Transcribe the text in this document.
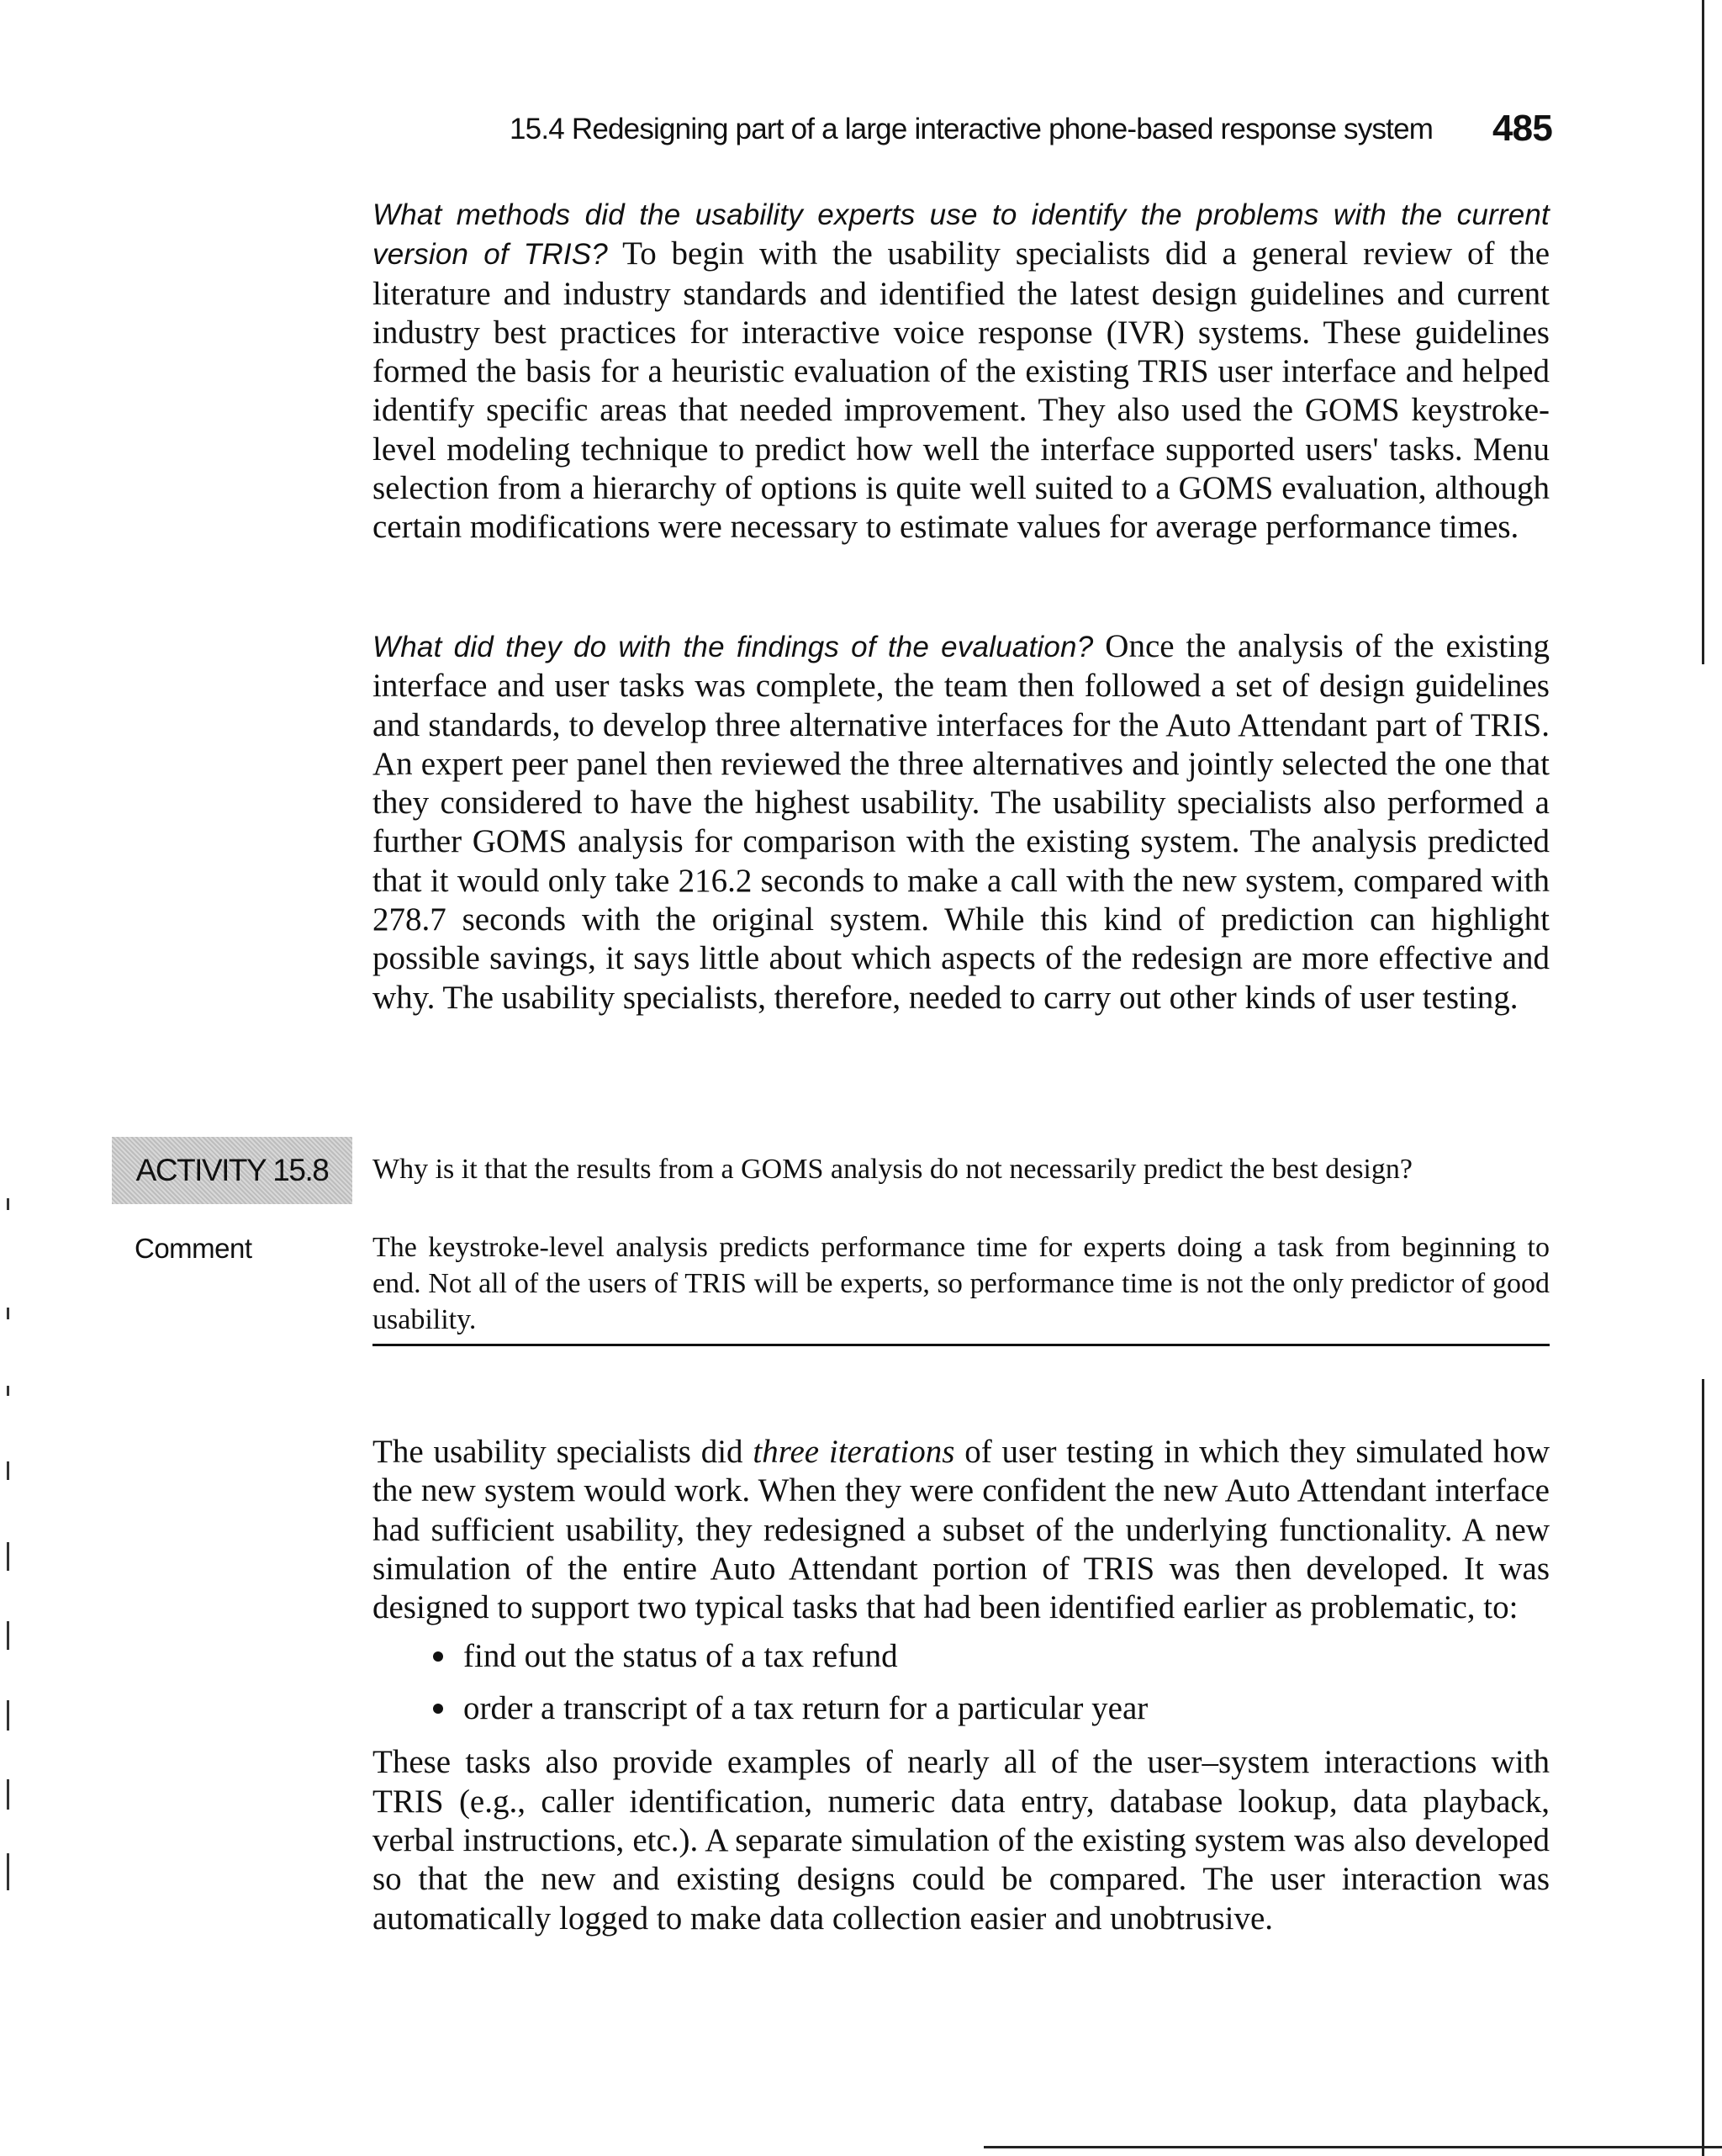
15.4 Redesigning part of a large interactive phone-based response system 485

What methods did the usability experts use to identify the problems with the current version of TRIS? To begin with the usability specialists did a general review of the literature and industry standards and identified the latest design guidelines and current industry best practices for interactive voice response (IVR) systems. These guidelines formed the basis for a heuristic evaluation of the existing TRIS user interface and helped identify specific areas that needed improvement. They also used the GOMS keystroke-level modeling technique to predict how well the interface supported users' tasks. Menu selection from a hierarchy of options is quite well suited to a GOMS evaluation, although certain modifications were necessary to estimate values for average performance times.

What did they do with the findings of the evaluation? Once the analysis of the existing interface and user tasks was complete, the team then followed a set of design guidelines and standards, to develop three alternative interfaces for the Auto Attendant part of TRIS. An expert peer panel then reviewed the three alternatives and jointly selected the one that they considered to have the highest usability. The usability specialists also performed a further GOMS analysis for comparison with the existing system. The analysis predicted that it would only take 216.2 seconds to make a call with the new system, compared with 278.7 seconds with the original system. While this kind of prediction can highlight possible savings, it says little about which aspects of the redesign are more effective and why. The usability specialists, therefore, needed to carry out other kinds of user testing.

ACTIVITY 15.8 Why is it that the results from a GOMS analysis do not necessarily predict the best design?
Comment	The keystroke-level analysis predicts performance time for experts doing a task from beginning to end. Not all of the users of TRIS will be experts, so performance time is not the only predictor of good usability.

The usability specialists did three iterations of user testing in which they simulated how the new system would work. When they were confident the new Auto Attendant interface had sufficient usability, they redesigned a subset of the underlying functionality. A new simulation of the entire Auto Attendant portion of TRIS was then developed. It was designed to support two typical tasks that had been identified earlier as problematic, to:

find out the status of a tax refund
order a transcript of a tax return for a particular year

These tasks also provide examples of nearly all of the user–system interactions with TRIS (e.g., caller identification, numeric data entry, database lookup, data playback, verbal instructions, etc.). A separate simulation of the existing system was also developed so that the new and existing designs could be compared. The user interaction was automatically logged to make data collection easier and unobtrusive.
